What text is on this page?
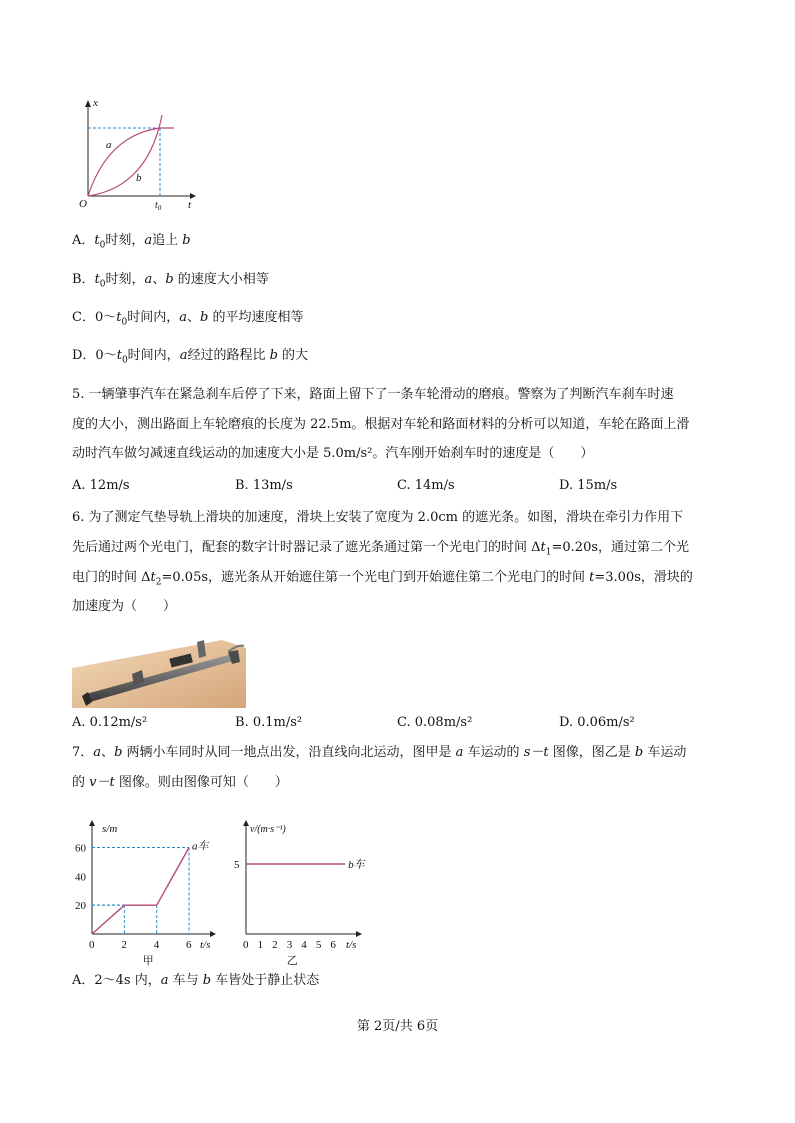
x
t
O	$t_0$
a
b
A．$t_0$时刻，a追上 b
B．$t_0$时刻，a、b 的速度大小相等
C．$0\sim t_0$时间内，a、b 的平均速度相等
D．$0\sim t_0$时间内，a经过的路程比 b 的大
5. 一辆肇事汽车在紧急刹车后停了下来，路面上留下了一条车轮滑动的磨痕。警察为了判断汽车刹车时速
度的大小，测出路面上车轮磨痕的长度为 22.5m。根据对车轮和路面材料的分析可以知道，车轮在路面上滑
动时汽车做匀减速直线运动的加速度大小是 5.0m/s²。汽车刚开始刹车时的速度是（　　）
A. 12m/s	B. 13m/s	C. 14m/s	D. 15m/s
6. 为了测定气垫导轨上滑块的加速度，滑块上安装了宽度为 2.0cm 的遮光条。如图，滑块在牵引力作用下
先后通过两个光电门，配套的数字计时器记录了遮光条通过第一个光电门的时间 $\Delta t_1=0.20s$，通过第二个光
电门的时间 $\Delta t_2=0.05s$，遮光条从开始遮住第一个光电门到开始遮住第二个光电门的时间 t=3.00s，滑块的
加速度为（　　）
A. 0.12m/s²	B. 0.1m/s²	C. 0.08m/s²	D. 0.06m/s²
7．a、b 两辆小车同时从同一地点出发，沿直线向北运动，图甲是 a 车运动的 s－t 图像，图乙是 b 车运动
的 v－t 图像。则由图像可知（　　）
0 2 4 6
20
40
60
s/m
t/s
a车
甲
0 1 2 3 4 5 6
5
v/(m·s⁻¹)
t/s
b车
乙
A．2～4s 内，a 车与 b 车皆处于静止状态
第 2页/共 6页
